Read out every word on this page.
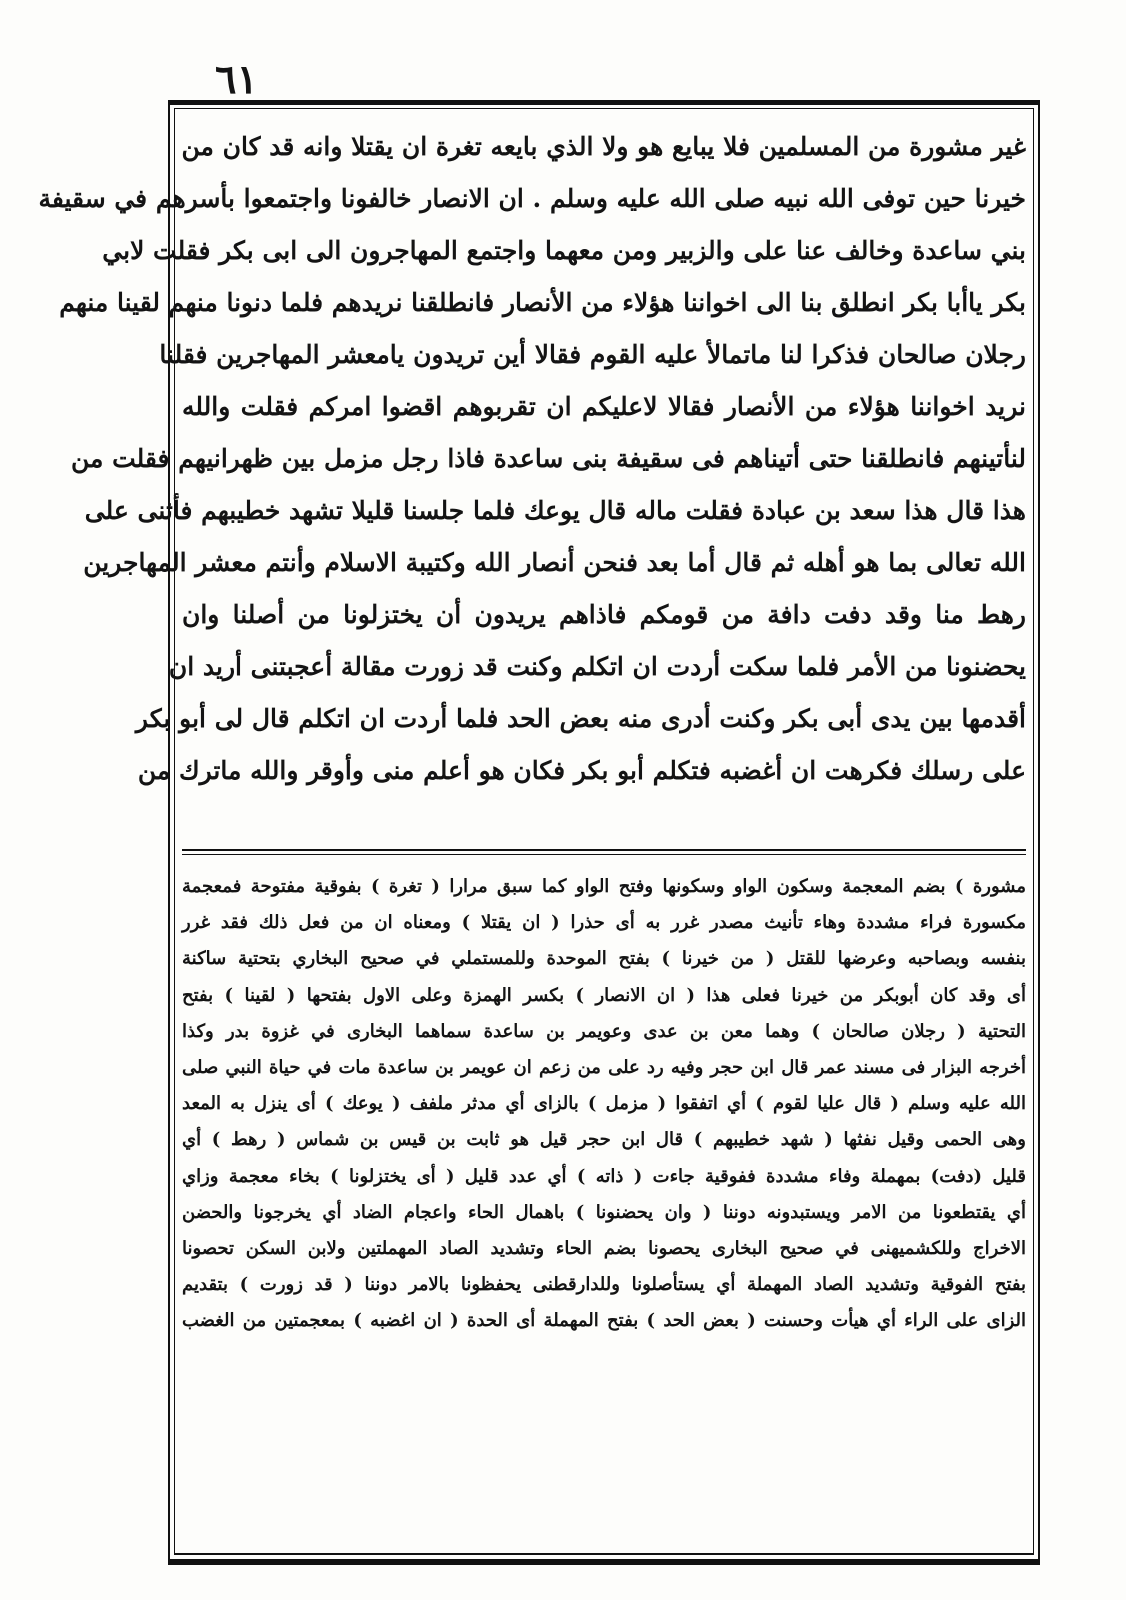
٦١
غير مشورة من المسلمين فلا يبايع هو ولا الذي بايعه تغرة ان يقتلا وانه قد كان من
خيرنا حين توفى الله نبيه صلى الله عليه وسلم . ان الانصار خالفونا واجتمعوا بأسرهم في سقيفة
بني ساعدة وخالف عنا على والزبير ومن معهما واجتمع المهاجرون الى ابى بكر فقلت لابي
بكر ياأبا بكر انطلق بنا الى اخواننا هؤلاء من الأنصار فانطلقنا نريدهم فلما دنونا منهم لقينا منهم
رجلان صالحان فذكرا لنا ماتمالأ عليه القوم فقالا أين تريدون يامعشر المهاجرين فقلنا
نريد اخواننا هؤلاء من الأنصار فقالا لاعليكم ان تقربوهم اقضوا امركم فقلت والله
لنأتينهم فانطلقنا حتى أتيناهم فى سقيفة بنى ساعدة فاذا رجل مزمل بين ظهرانيهم فقلت من
هذا قال هذا سعد بن عبادة فقلت ماله قال يوعك فلما جلسنا قليلا تشهد خطيبهم فأثنى على
الله تعالى بما هو أهله ثم قال أما بعد فنحن أنصار الله وكتيبة الاسلام وأنتم معشر المهاجرين
رهط منا وقد دفت دافة من قومكم فاذاهم يريدون أن يختزلونا من أصلنا وان
يحضنونا من الأمر فلما سكت أردت ان اتكلم وكنت قد زورت مقالة أعجبتنى أريد ان
أقدمها بين يدى أبى بكر وكنت أدرى منه بعض الحد فلما أردت ان اتكلم قال لى أبو بكر
على رسلك فكرهت ان أغضبه فتكلم أبو بكر فكان هو أعلم منى وأوقر والله ماترك من
مشورة ) بضم المعجمة وسكون الواو وسكونها وفتح الواو كما سبق مرارا ( تغرة ) بفوقية مفتوحة فمعجمة
مكسورة فراء مشددة وهاء تأنيث مصدر غرر به أى حذرا ( ان يقتلا ) ومعناه ان من فعل ذلك فقد غرر
بنفسه وبصاحبه وعرضها للقتل ( من خيرنا ) بفتح الموحدة وللمستملي في صحيح البخاري بتحتية ساكنة
أى وقد كان أبوبكر من خيرنا فعلى هذا ( ان الانصار ) بكسر الهمزة وعلى الاول بفتحها ( لقينا ) بفتح
التحتية ( رجلان صالحان ) وهما معن بن عدى وعويمر بن ساعدة سماهما البخارى في غزوة بدر وكذا
أخرجه البزار فى مسند عمر قال ابن حجر وفيه رد على من زعم ان عويمر بن ساعدة مات في حياة النبي صلى
الله عليه وسلم ( قال عليا لقوم ) أي اتفقوا ( مزمل ) بالزاى أي مدثر ملفف ( يوعك ) أى ينزل به المعد
وهى الحمى وقيل نفثها ( شهد خطيبهم ) قال ابن حجر قيل هو ثابت بن قيس بن شماس ( رهط ) أي
قليل (دفت) بمهملة وفاء مشددة ففوقية جاءت ( ذاته ) أي عدد قليل ( أى يختزلونا ) بخاء معجمة وزاي
أي يقتطعونا من الامر ويستبدونه دوننا ( وان يحضنونا ) باهمال الحاء واعجام الضاد أي يخرجونا والحضن
الاخراج وللكشميهنى في صحيح البخارى يحصونا بضم الحاء وتشديد الصاد المهملتين ولابن السكن تحصونا
بفتح الفوقية وتشديد الصاد المهملة أي يستأصلونا وللدارقطنى يحفظونا بالامر دوننا ( قد زورت ) بتقديم
الزاى على الراء أي هيأت وحسنت ( بعض الحد ) بفتح المهملة أى الحدة ( ان اغضبه ) بمعجمتين من الغضب
